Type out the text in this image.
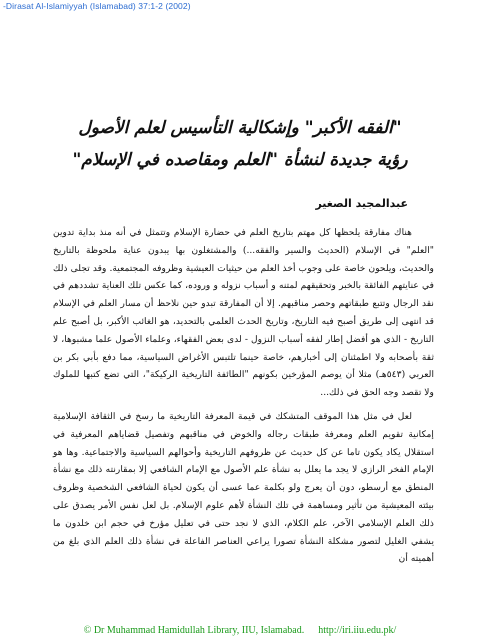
-Dirasat Al-Islamiyyah (Islamabad) 37:1-2 (2002)
"الفقه الأكبر" وإشكالية التأسيس لعلم الأصول
رؤية جديدة لنشأة "العلم ومقاصده في الإسلام"
عبدالمجيد الصغير

هناك مفارقة يلحظها كل مهتم بتاريخ العلم في حضارة الإسلام وتتمثل في أنه منذ بداية تدوين "العلم" في الإسلام (الحديث والسير والفقه...) والمشتغلون بها يبدون عناية ملحوظة بالتاريخ والحديث، ويلحون خاصة على وجوب أخذ العلم من حيثيات العيشية وظروفه المجتمعية. وقد تجلى ذلك في عنايتهم الفائقة بالخبر وتحقيقهم لمتنه و أسباب نزوله و وروده، كما عكس تلك العناية تشددهم في نقد الرجال وتتبع طبقاتهم وحصر مناقبهم. إلا أن المفارقة تبدو حين نلاحظ أن مسار العلم في الإسلام قد انتهى إلى طريق أصبح فيه التاريخ، وتاريخ الحدث العلمي بالتحديد، هو الغائب الأكبر، بل أصبح علم التاريخ - الذي هو أفضل إطار لفقه أسباب النزول - لدى بعض الفقهاء، وعلماء الأصول علما مشبوها، لا ثقة بأصحابه ولا اطمئنان إلى أخبارهم، خاصة حينما تلتبس الأغراض السياسية، مما دفع بأبي بكر بن العربي (٥٤٣هـ) مثلا أن يوصم المؤرخين بكونهم "الطائفة التاريخية الركيكة"، التي تضع كتبها للملوك ولا تقصد وجه الحق في ذلك...

لعل في مثل هذا الموقف المتشكك في قيمة المعرفة التاريخية ما رسخ في الثقافة الإسلامية إمكانية تقويم العلم ومعرفة طبقات رجاله والخوض في مناقبهم وتفصيل قضاياهم المعرفية في استقلال يكاد يكون تاما عن كل حديث عن ظروفهم التاريخية وأحوالهم السياسية والاجتماعية. وها هو الإمام الفخر الرازي لا يجد ما يعلل به نشأة علم الأصول مع الإمام الشافعي إلا بمقارنته ذلك مع نشأة المنطق مع أرسطو، دون أن يعرج ولو بكلمة عما عسى أن يكون لحياة الشافعي الشخصية وظروف بيئته المعيشية من تأثير ومساهمة في تلك النشأة لأهم علوم الإسلام. بل لعل نفس الأمر يصدق على ذلك العلم الإسلامي الآخر، علم الكلام، الذي لا نجد حتى في تعليل مؤرخ في حجم ابن خلدون ما يشفي الغليل لتصور مشكلة النشأة تصورا يراعي العناصر الفاعلة في نشأة ذلك العلم الذي بلغ من أهميته أن

© Dr Muhammad Hamidullah Library, IIU, Islamabad. http://iri.iiu.edu.pk/
